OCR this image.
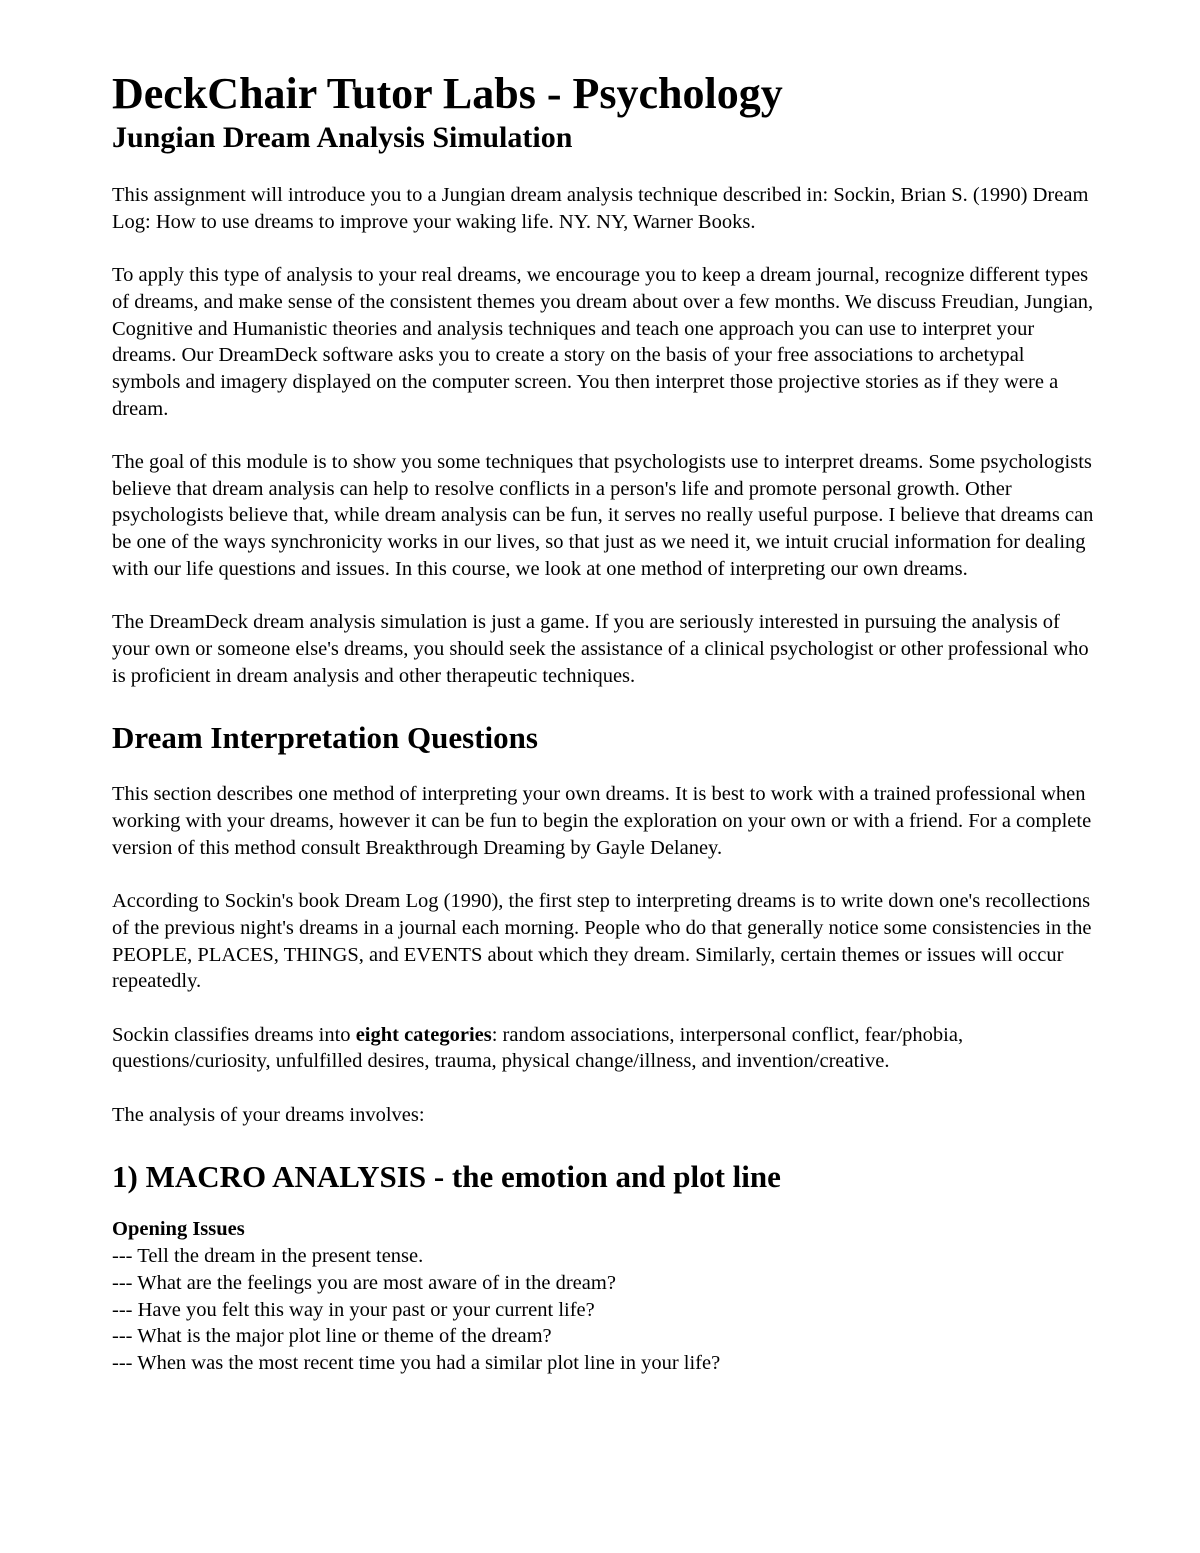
DeckChair Tutor Labs - Psychology
Jungian Dream Analysis Simulation

This assignment will introduce you to a Jungian dream analysis technique described in: Sockin, Brian S. (1990) Dream Log: How to use dreams to improve your waking life. NY. NY, Warner Books.

To apply this type of analysis to your real dreams, we encourage you to keep a dream journal, recognize different types of dreams, and make sense of the consistent themes you dream about over a few months. We discuss Freudian, Jungian, Cognitive and Humanistic theories and analysis techniques and teach one approach you can use to interpret your dreams. Our DreamDeck software asks you to create a story on the basis of your free associations to archetypal symbols and imagery displayed on the computer screen. You then interpret those projective stories as if they were a dream.

The goal of this module is to show you some techniques that psychologists use to interpret dreams. Some psychologists believe that dream analysis can help to resolve conflicts in a person's life and promote personal growth. Other psychologists believe that, while dream analysis can be fun, it serves no really useful purpose. I believe that dreams can be one of the ways synchronicity works in our lives, so that just as we need it, we intuit crucial information for dealing with our life questions and issues. In this course, we look at one method of interpreting our own dreams.

The DreamDeck dream analysis simulation is just a game. If you are seriously interested in pursuing the analysis of your own or someone else's dreams, you should seek the assistance of a clinical psychologist or other professional who is proficient in dream analysis and other therapeutic techniques.

Dream Interpretation Questions

This section describes one method of interpreting your own dreams. It is best to work with a trained professional when working with your dreams, however it can be fun to begin the exploration on your own or with a friend. For a complete version of this method consult Breakthrough Dreaming by Gayle Delaney.

According to Sockin's book Dream Log (1990), the first step to interpreting dreams is to write down one's recollections of the previous night's dreams in a journal each morning. People who do that generally notice some consistencies in the PEOPLE, PLACES, THINGS, and EVENTS about which they dream. Similarly, certain themes or issues will occur repeatedly.

Sockin classifies dreams into eight categories: random associations, interpersonal conflict, fear/phobia, questions/curiosity, unfulfilled desires, trauma, physical change/illness, and invention/creative.

The analysis of your dreams involves:

1) MACRO ANALYSIS - the emotion and plot line
Opening Issues
--- Tell the dream in the present tense.
--- What are the feelings you are most aware of in the dream?
--- Have you felt this way in your past or your current life?
--- What is the major plot line or theme of the dream?
--- When was the most recent time you had a similar plot line in your life?
